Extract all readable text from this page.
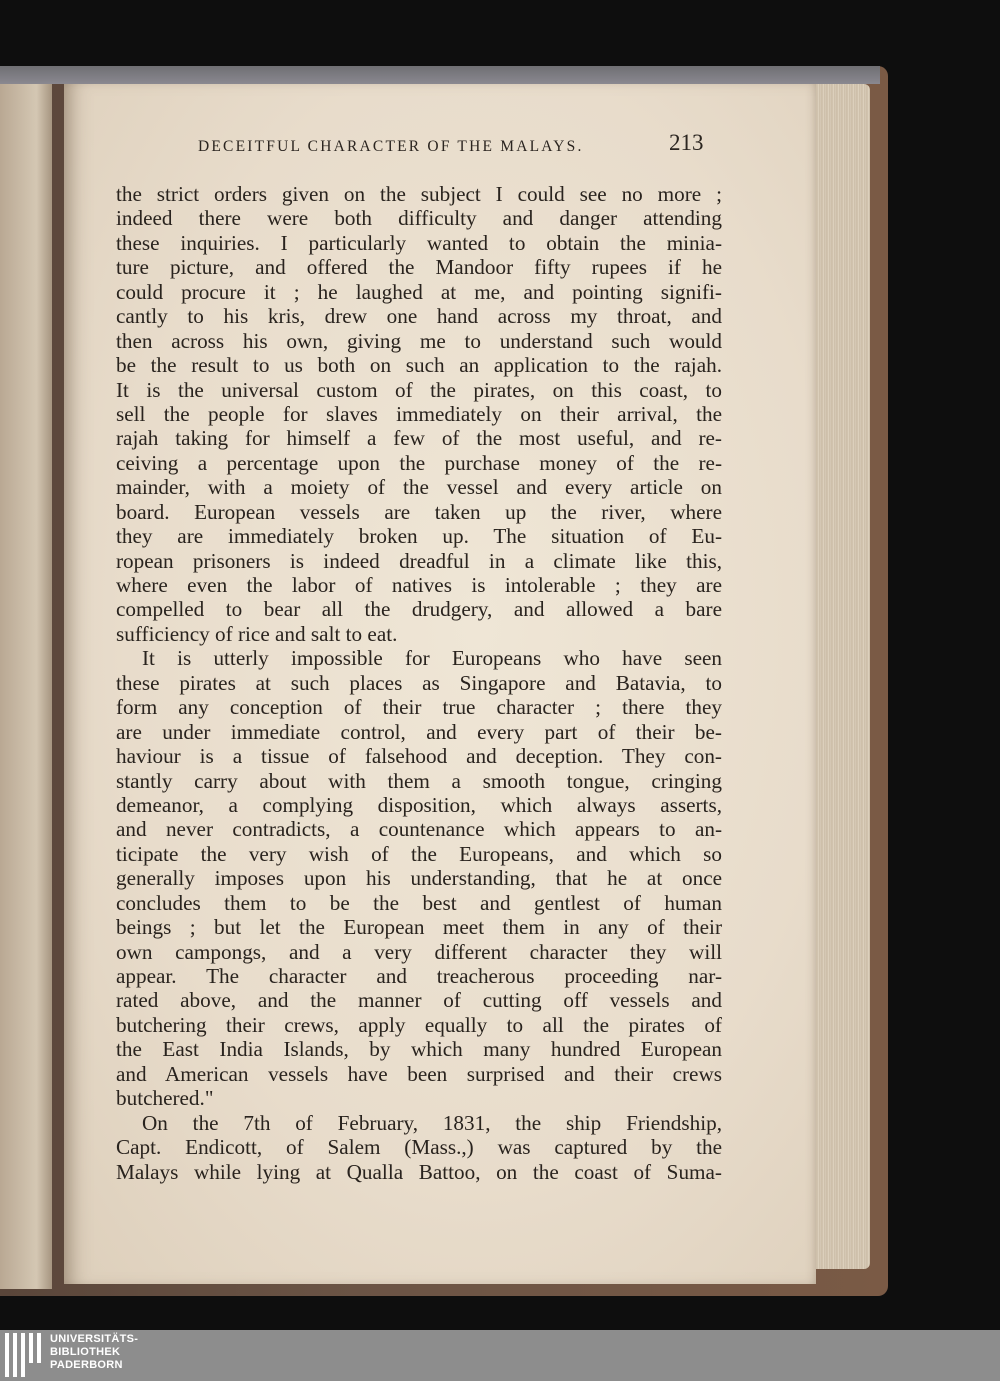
DECEITFUL CHARACTER OF THE MALAYS.	213
the strict orders given on the subject I could see no more ;
indeed there were both difficulty and danger attending
these inquiries. I particularly wanted to obtain the minia-
ture picture, and offered the Mandoor fifty rupees if he
could procure it ; he laughed at me, and pointing signifi-
cantly to his kris, drew one hand across my throat, and
then across his own, giving me to understand such would
be the result to us both on such an application to the rajah.
It is the universal custom of the pirates, on this coast, to
sell the people for slaves immediately on their arrival, the
rajah taking for himself a few of the most useful, and re-
ceiving a percentage upon the purchase money of the re-
mainder, with a moiety of the vessel and every article on
board. European vessels are taken up the river, where
they are immediately broken up. The situation of Eu-
ropean prisoners is indeed dreadful in a climate like this,
where even the labor of natives is intolerable ; they are
compelled to bear all the drudgery, and allowed a bare
sufficiency of rice and salt to eat.
It is utterly impossible for Europeans who have seen
these pirates at such places as Singapore and Batavia, to
form any conception of their true character ; there they
are under immediate control, and every part of their be-
haviour is a tissue of falsehood and deception. They con-
stantly carry about with them a smooth tongue, cringing
demeanor, a complying disposition, which always asserts,
and never contradicts, a countenance which appears to an-
ticipate the very wish of the Europeans, and which so
generally imposes upon his understanding, that he at once
concludes them to be the best and gentlest of human
beings ; but let the European meet them in any of their
own campongs, and a very different character they will
appear. The character and treacherous proceeding nar-
rated above, and the manner of cutting off vessels and
butchering their crews, apply equally to all the pirates of
the East India Islands, by which many hundred European
and American vessels have been surprised and their crews
butchered."
On the 7th of February, 1831, the ship Friendship,
Capt. Endicott, of Salem (Mass.,) was captured by the
Malays while lying at Qualla Battoo, on the coast of Suma-
UNIVERSITÄTS-
BIBLIOTHEK
PADERBORN
